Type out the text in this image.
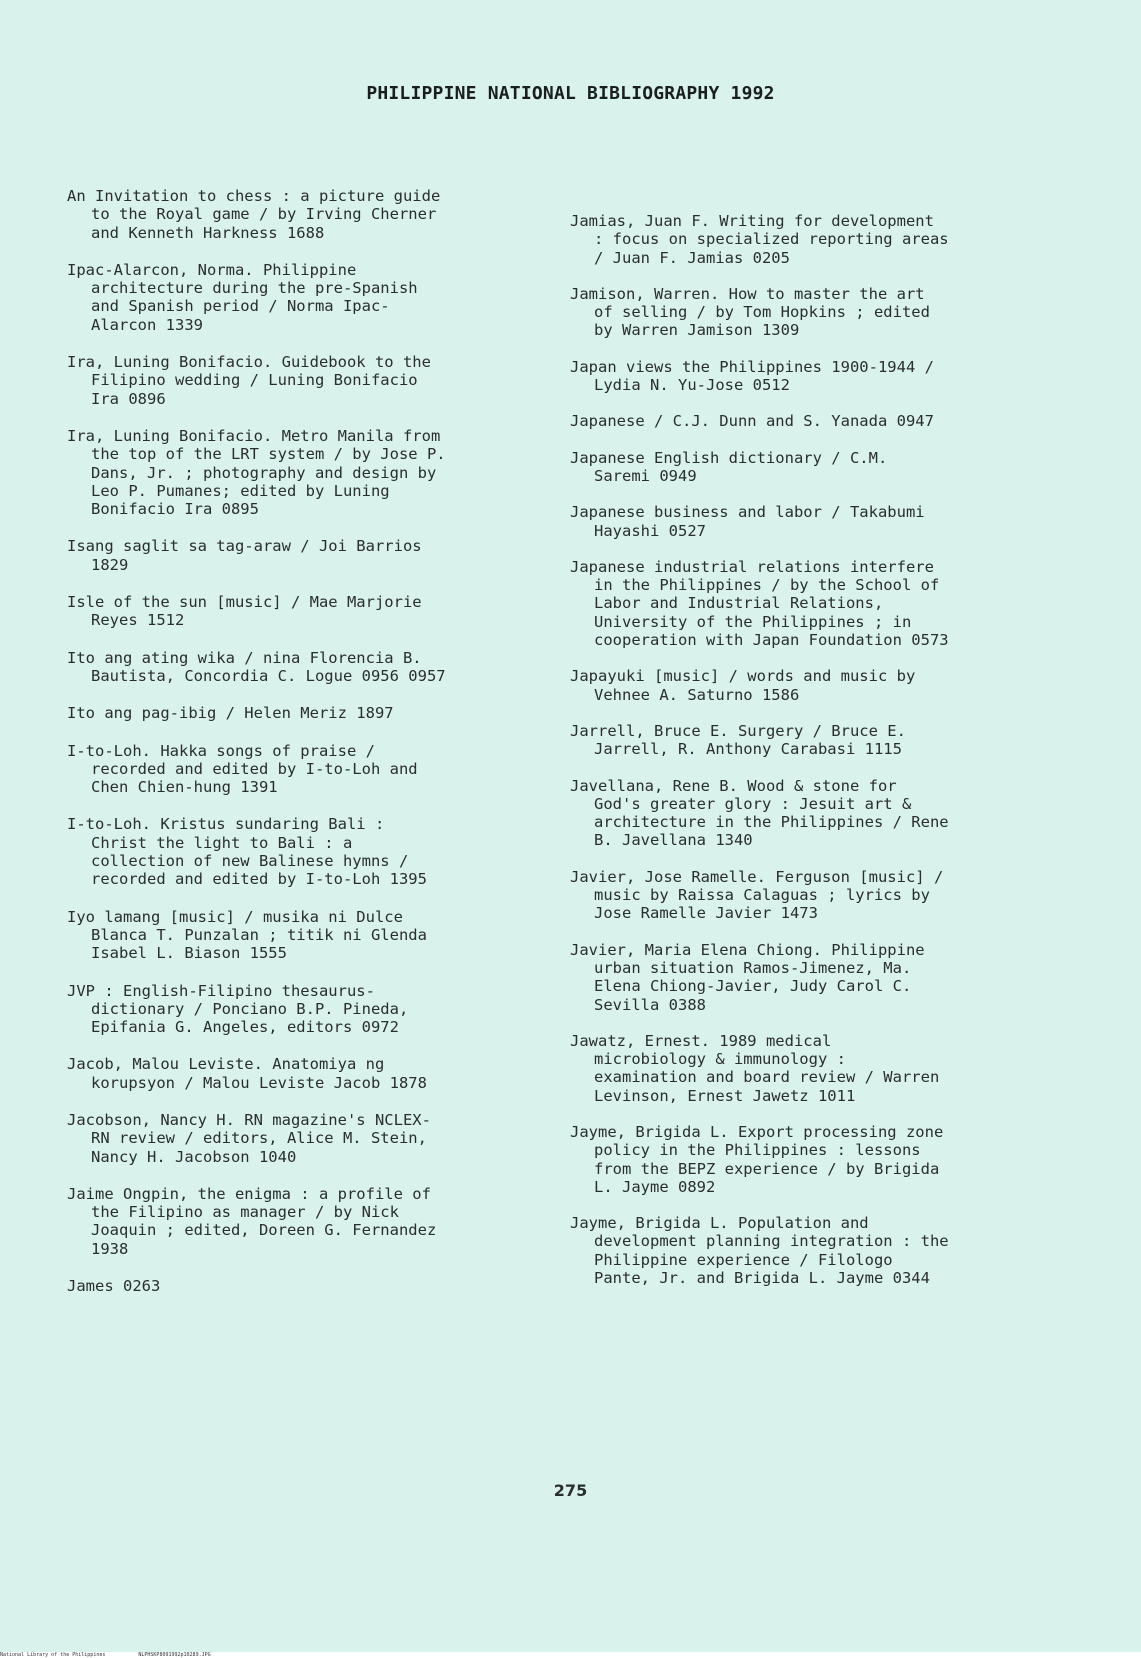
PHILIPPINE NATIONAL BIBLIOGRAPHY 1992

An Invitation to chess : a picture guide
to the Royal game / by Irving Cherner
and Kenneth Harkness 1688

Ipac-Alarcon, Norma. Philippine
architecture during the pre-Spanish
and Spanish period / Norma Ipac-
Alarcon 1339

Ira, Luning Bonifacio. Guidebook to the
Filipino wedding / Luning Bonifacio
Ira 0896

Ira, Luning Bonifacio. Metro Manila from
the top of the LRT system / by Jose P.
Dans, Jr. ; photography and design by
Leo P. Pumanes; edited by Luning
Bonifacio Ira 0895

Isang saglit sa tag-araw / Joi Barrios
1829

Isle of the sun [music] / Mae Marjorie
Reyes 1512

Ito ang ating wika / nina Florencia B.
Bautista, Concordia C. Logue 0956 0957

Ito ang pag-ibig / Helen Meriz 1897

I-to-Loh. Hakka songs of praise /
recorded and edited by I-to-Loh and
Chen Chien-hung 1391

I-to-Loh. Kristus sundaring Bali :
Christ the light to Bali : a
collection of new Balinese hymns /
recorded and edited by I-to-Loh 1395

Iyo lamang [music] / musika ni Dulce
Blanca T. Punzalan ; titik ni Glenda
Isabel L. Biason 1555

JVP : English-Filipino thesaurus-
dictionary / Ponciano B.P. Pineda,
Epifania G. Angeles, editors 0972

Jacob, Malou Leviste. Anatomiya ng
korupsyon / Malou Leviste Jacob 1878

Jacobson, Nancy H. RN magazine's NCLEX-
RN review / editors, Alice M. Stein,
Nancy H. Jacobson 1040

Jaime Ongpin, the enigma : a profile of
the Filipino as manager / by Nick
Joaquin ; edited, Doreen G. Fernandez
1938

James 0263

Jamias, Juan F. Writing for development
: focus on specialized reporting areas
/ Juan F. Jamias 0205

Jamison, Warren. How to master the art
of selling / by Tom Hopkins ; edited
by Warren Jamison 1309

Japan views the Philippines 1900-1944 /
Lydia N. Yu-Jose 0512

Japanese / C.J. Dunn and S. Yanada 0947

Japanese English dictionary / C.M.
Saremi 0949

Japanese business and labor / Takabumi
Hayashi 0527

Japanese industrial relations interfere
in the Philippines / by the School of
Labor and Industrial Relations,
University of the Philippines ; in
cooperation with Japan Foundation 0573

Japayuki [music] / words and music by
Vehnee A. Saturno 1586

Jarrell, Bruce E. Surgery / Bruce E.
Jarrell, R. Anthony Carabasi 1115

Javellana, Rene B. Wood & stone for
God's greater glory : Jesuit art &
architecture in the Philippines / Rene
B. Javellana 1340

Javier, Jose Ramelle. Ferguson [music] /
music by Raissa Calaguas ; lyrics by
Jose Ramelle Javier 1473

Javier, Maria Elena Chiong. Philippine
urban situation Ramos-Jimenez, Ma.
Elena Chiong-Javier, Judy Carol C.
Sevilla 0388

Jawatz, Ernest. 1989 medical
microbiology & immunology :
examination and board review / Warren
Levinson, Ernest Jawetz 1011

Jayme, Brigida L. Export processing zone
policy in the Philippines : lessons
from the BEPZ experience / by Brigida
L. Jayme 0892

Jayme, Brigida L. Population and
development planning integration : the
Philippine experience / Filologo
Pante, Jr. and Brigida L. Jayme 0344

275
National Library of the Philippines	NLPHSKP8091992p10289.JPG
